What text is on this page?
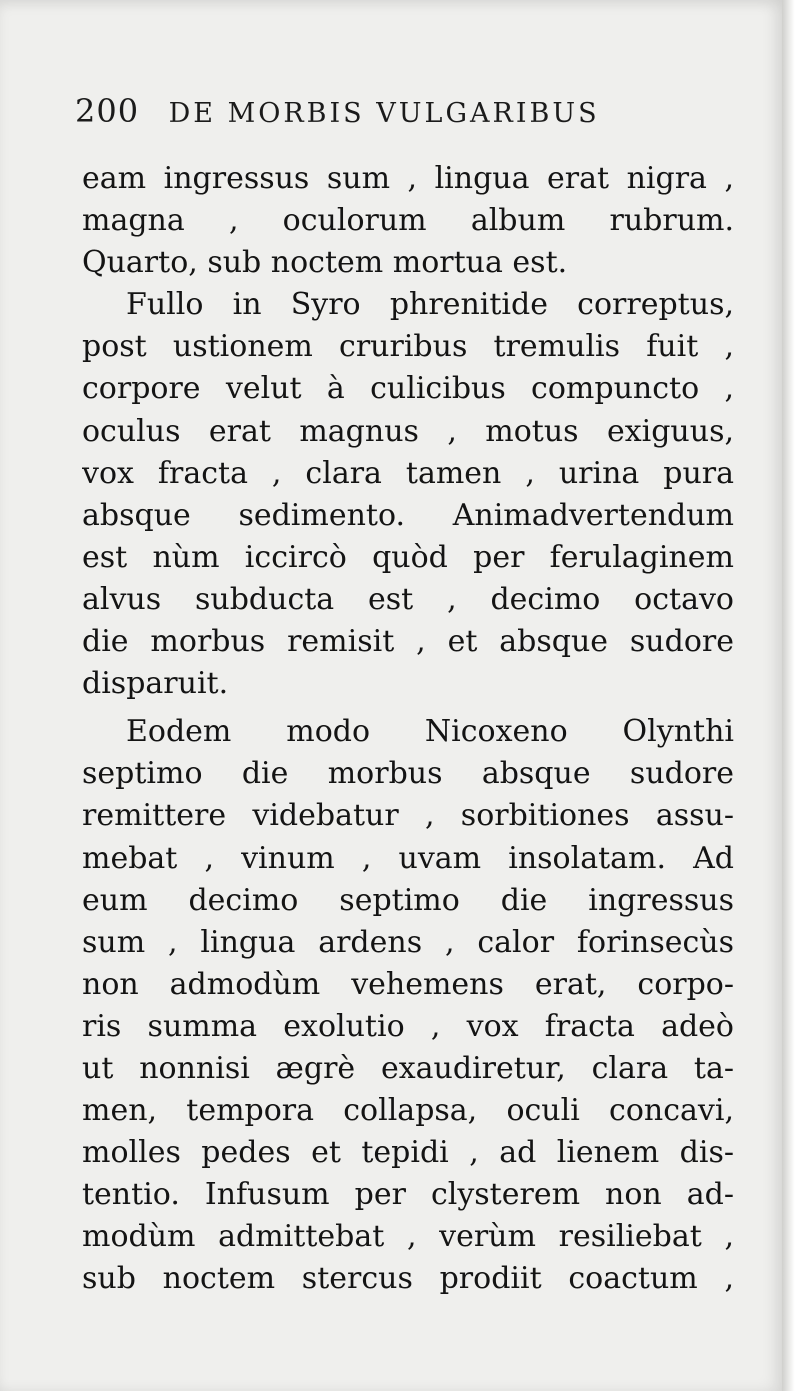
200 DE MORBIS VULGARIBUS
eam ingressus sum , lingua erat nigra ,
magna , oculorum album rubrum.
Quarto, sub noctem mortua est.
Fullo in Syro phrenitide correptus,
post ustionem cruribus tremulis fuit ,
corpore velut à culicibus compuncto ,
oculus erat magnus , motus exiguus,
vox fracta , clara tamen , urina pura
absque sedimento. Animadvertendum
est nùm iccircò quòd per ferulaginem
alvus subducta est , decimo octavo
die morbus remisit , et absque sudore
disparuit.
Eodem modo Nicoxeno Olynthi
septimo die morbus absque sudore
remittere videbatur , sorbitiones assu-
mebat , vinum , uvam insolatam. Ad
eum decimo septimo die ingressus
sum , lingua ardens , calor forinsecùs
non admodùm vehemens erat, corpo-
ris summa exolutio , vox fracta adeò
ut nonnisi ægrè exaudiretur, clara ta-
men, tempora collapsa, oculi concavi,
molles pedes et tepidi , ad lienem dis-
tentio. Infusum per clysterem non ad-
modùm admittebat , verùm resiliebat ,
sub noctem stercus prodiit coactum ,
